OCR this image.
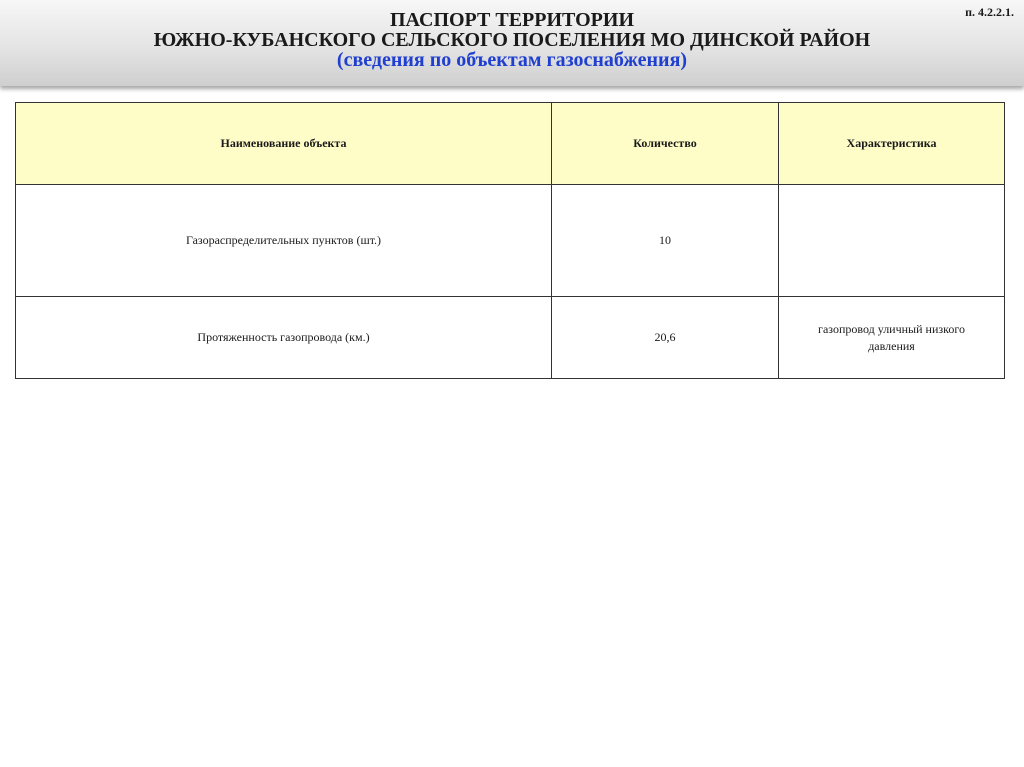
ПАСПОРТ ТЕРРИТОРИИ
ЮЖНО-КУБАНСКОГО СЕЛЬСКОГО ПОСЕЛЕНИЯ МО ДИНСКОЙ РАЙОН
(сведения по объектам газоснабжения)
п. 4.2.2.1.
Наименование объекта	Количество	Характеристика
Газораспределительных пунктов (шт.)	10	
Протяженность газопровода (км.)	20,6	газопровод уличный низкого давления
